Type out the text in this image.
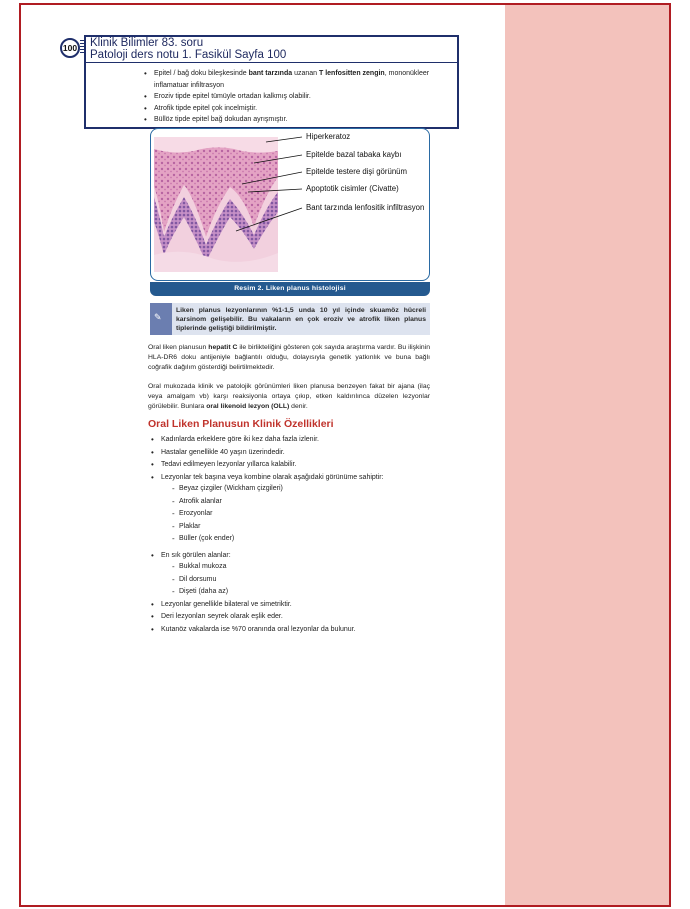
100 Klinik Bilimler 83. soru
Patoloji ders notu 1. Fasikül Sayfa 100
• Epitel / bağ doku bileşkesinde bant tarzında uzanan T lenfositten zengin, mononükleer inflamatuar infiltrasyon
• Eroziv tipde epitel tümüyle ortadan kalkmış olabilir.
• Atrofik tipde epitel çok incelmiştir.
• Büllöz tipde epitel bağ dokudan ayrışmıştır.
Hiperkeratoz
Epitelde bazal tabaka kaybı
Epitelde testere dişi görünüm
Apoptotik cisimler (Civatte)
Bant tarzında lenfositik infiltrasyon
Resim 2. Liken planus histolojisi
✎
Liken planus lezyonlarının %1-1,5 unda 10 yıl içinde skuamöz hücreli karsinom gelişebilir. Bu vakaların en çok eroziv ve atrofik liken planus tiplerinde geliştiği bildirilmiştir.
Oral liken planusun hepatit C ile birlikteliğini gösteren çok sayıda araştırma vardır. Bu ilişkinin HLA-DR6 doku antijeniyle bağlantılı olduğu, dolayısıyla genetik yatkınlık ve buna bağlı coğrafik dağılım gösterdiği belirtilmektedir.
Oral mukozada klinik ve patolojik görünümleri liken planusa benzeyen fakat bir ajana (ilaç veya amalgam vb) karşı reaksiyonla ortaya çıkıp, etken kaldırılınca düzelen lezyonlar görülebilir. Bunlara oral likenoid lezyon (OLL) denir.
Oral Liken Planusun Klinik Özellikleri
• Kadınlarda erkeklere göre iki kez daha fazla izlenir.
• Hastalar genellikle 40 yaşın üzerindedir.
• Tedavi edilmeyen lezyonlar yıllarca kalabilir.
• Lezyonlar tek başına veya kombine olarak aşağıdaki görünüme sahiptir:
- Beyaz çizgiler (Wickham çizgileri)
- Atrofik alanlar
- Erozyonlar
- Plaklar
- Büller (çok ender)
• En sık görülen alanlar:
- Bukkal mukoza
- Dil dorsumu
- Dişeti (daha az)
• Lezyonlar genellikle bilateral ve simetriktir.
• Deri lezyonları seyrek olarak eşlik eder.
• Kutanöz vakalarda ise %70 oranında oral lezyonlar da bulunur.
